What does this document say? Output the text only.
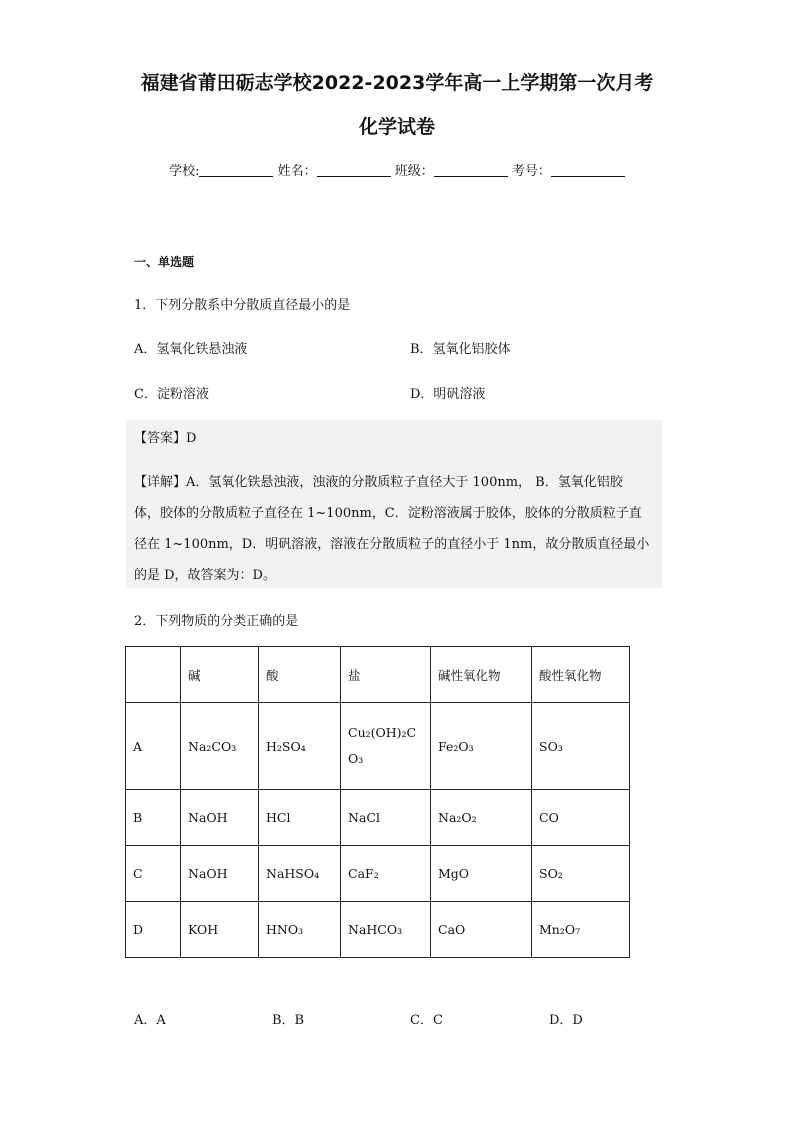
福建省莆田砺志学校2022-2023学年高一上学期第一次月考
化学试卷
学校:	姓名：	班级：	考号：
一、单选题
1．下列分散系中分散质直径最小的是
A．氢氧化铁悬浊液	B．氢氧化铝胶体
C．淀粉溶液	D．明矾溶液
【答案】D
【详解】A．氢氧化铁悬浊液，浊液的分散质粒子直径大于 100nm， B．氢氧化铝胶
体，胶体的分散质粒子直径在 1~100nm，C．淀粉溶液属于胶体，胶体的分散质粒子直
径在 1~100nm，D．明矾溶液，溶液在分散质粒子的直径小于 1nm，故分散质直径最小
的是 D，故答案为：D。
2．下列物质的分类正确的是
	碱	酸	盐	碱性氧化物	酸性氧化物
A	Na₂CO₃	H₂SO₄	Cu₂(OH)₂CO₃	Fe₂O₃	SO₃
B	NaOH	HCl	NaCl	Na₂O₂	CO
C	NaOH	NaHSO₄	CaF₂	MgO	SO₂
D	KOH	HNO₃	NaHCO₃	CaO	Mn₂O₇
A．A	B．B	C．C	D．D
